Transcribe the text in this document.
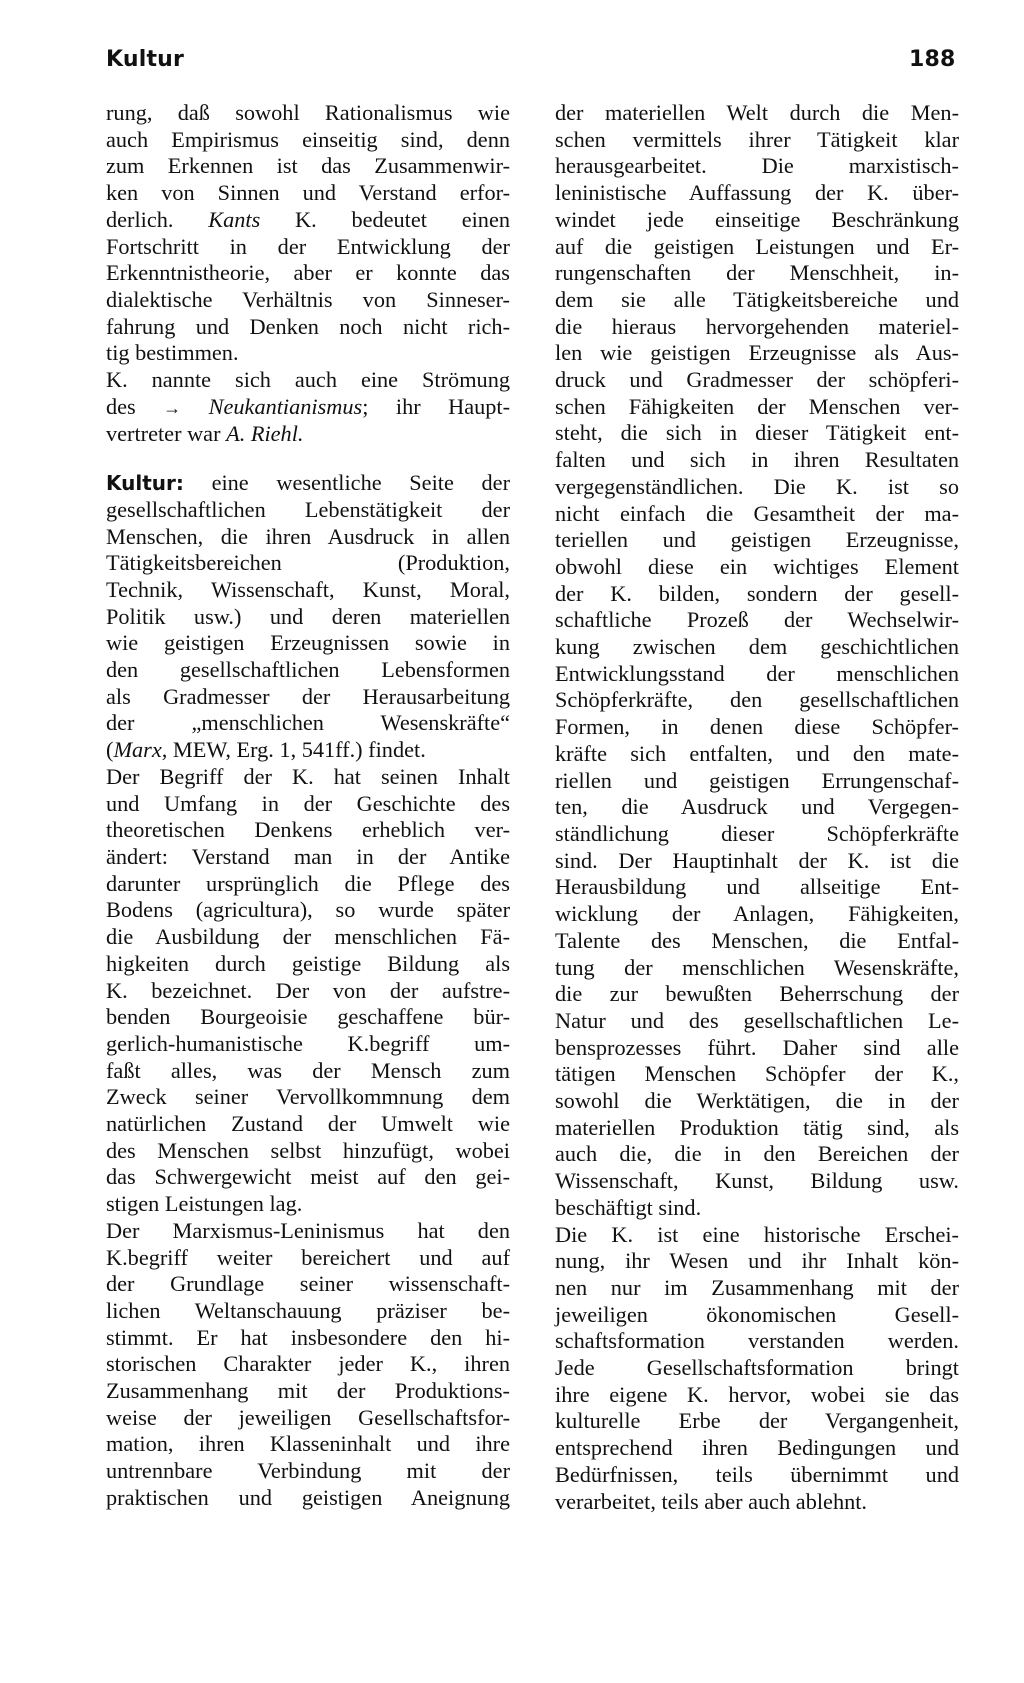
Kultur	188
rung, daß sowohl Rationalismus wie
auch Empirismus einseitig sind, denn
zum Erkennen ist das Zusammenwir-
ken von Sinnen und Verstand erfor-
derlich. Kants K. bedeutet einen
Fortschritt in der Entwicklung der
Erkenntnistheorie, aber er konnte das
dialektische Verhältnis von Sinneser-
fahrung und Denken noch nicht rich-
tig bestimmen.
K. nannte sich auch eine Strömung
des → Neukantianismus; ihr Haupt-
vertreter war A. Riehl.
Kultur: eine wesentliche Seite der
gesellschaftlichen Lebenstätigkeit der
Menschen, die ihren Ausdruck in allen
Tätigkeitsbereichen (Produktion,
Technik, Wissenschaft, Kunst, Moral,
Politik usw.) und deren materiellen
wie geistigen Erzeugnissen sowie in
den gesellschaftlichen Lebensformen
als Gradmesser der Herausarbeitung
der „menschlichen Wesenskräfte“
(Marx, MEW, Erg. 1, 541ff.) findet.
Der Begriff der K. hat seinen Inhalt
und Umfang in der Geschichte des
theoretischen Denkens erheblich ver-
ändert: Verstand man in der Antike
darunter ursprünglich die Pflege des
Bodens (agricultura), so wurde später
die Ausbildung der menschlichen Fä-
higkeiten durch geistige Bildung als
K. bezeichnet. Der von der aufstre-
benden Bourgeoisie geschaffene bür-
gerlich-humanistische K.begriff um-
faßt alles, was der Mensch zum
Zweck seiner Vervollkommnung dem
natürlichen Zustand der Umwelt wie
des Menschen selbst hinzufügt, wobei
das Schwergewicht meist auf den gei-
stigen Leistungen lag.
Der Marxismus-Leninismus hat den
K.begriff weiter bereichert und auf
der Grundlage seiner wissenschaft-
lichen Weltanschauung präziser be-
stimmt. Er hat insbesondere den hi-
storischen Charakter jeder K., ihren
Zusammenhang mit der Produktions-
weise der jeweiligen Gesellschaftsfor-
mation, ihren Klasseninhalt und ihre
untrennbare Verbindung mit der
praktischen und geistigen Aneignung
der materiellen Welt durch die Men-
schen vermittels ihrer Tätigkeit klar
herausgearbeitet. Die marxistisch-
leninistische Auffassung der K. über-
windet jede einseitige Beschränkung
auf die geistigen Leistungen und Er-
rungenschaften der Menschheit, in-
dem sie alle Tätigkeitsbereiche und
die hieraus hervorgehenden materiel-
len wie geistigen Erzeugnisse als Aus-
druck und Gradmesser der schöpferi-
schen Fähigkeiten der Menschen ver-
steht, die sich in dieser Tätigkeit ent-
falten und sich in ihren Resultaten
vergegenständlichen. Die K. ist so
nicht einfach die Gesamtheit der ma-
teriellen und geistigen Erzeugnisse,
obwohl diese ein wichtiges Element
der K. bilden, sondern der gesell-
schaftliche Prozeß der Wechselwir-
kung zwischen dem geschichtlichen
Entwicklungsstand der menschlichen
Schöpferkräfte, den gesellschaftlichen
Formen, in denen diese Schöpfer-
kräfte sich entfalten, und den mate-
riellen und geistigen Errungenschaf-
ten, die Ausdruck und Vergegen-
ständlichung dieser Schöpferkräfte
sind. Der Hauptinhalt der K. ist die
Herausbildung und allseitige Ent-
wicklung der Anlagen, Fähigkeiten,
Talente des Menschen, die Entfal-
tung der menschlichen Wesenskräfte,
die zur bewußten Beherrschung der
Natur und des gesellschaftlichen Le-
bensprozesses führt. Daher sind alle
tätigen Menschen Schöpfer der K.,
sowohl die Werktätigen, die in der
materiellen Produktion tätig sind, als
auch die, die in den Bereichen der
Wissenschaft, Kunst, Bildung usw.
beschäftigt sind.
Die K. ist eine historische Erschei-
nung, ihr Wesen und ihr Inhalt kön-
nen nur im Zusammenhang mit der
jeweiligen ökonomischen Gesell-
schaftsformation verstanden werden.
Jede Gesellschaftsformation bringt
ihre eigene K. hervor, wobei sie das
kulturelle Erbe der Vergangenheit,
entsprechend ihren Bedingungen und
Bedürfnissen, teils übernimmt und
verarbeitet, teils aber auch ablehnt.
